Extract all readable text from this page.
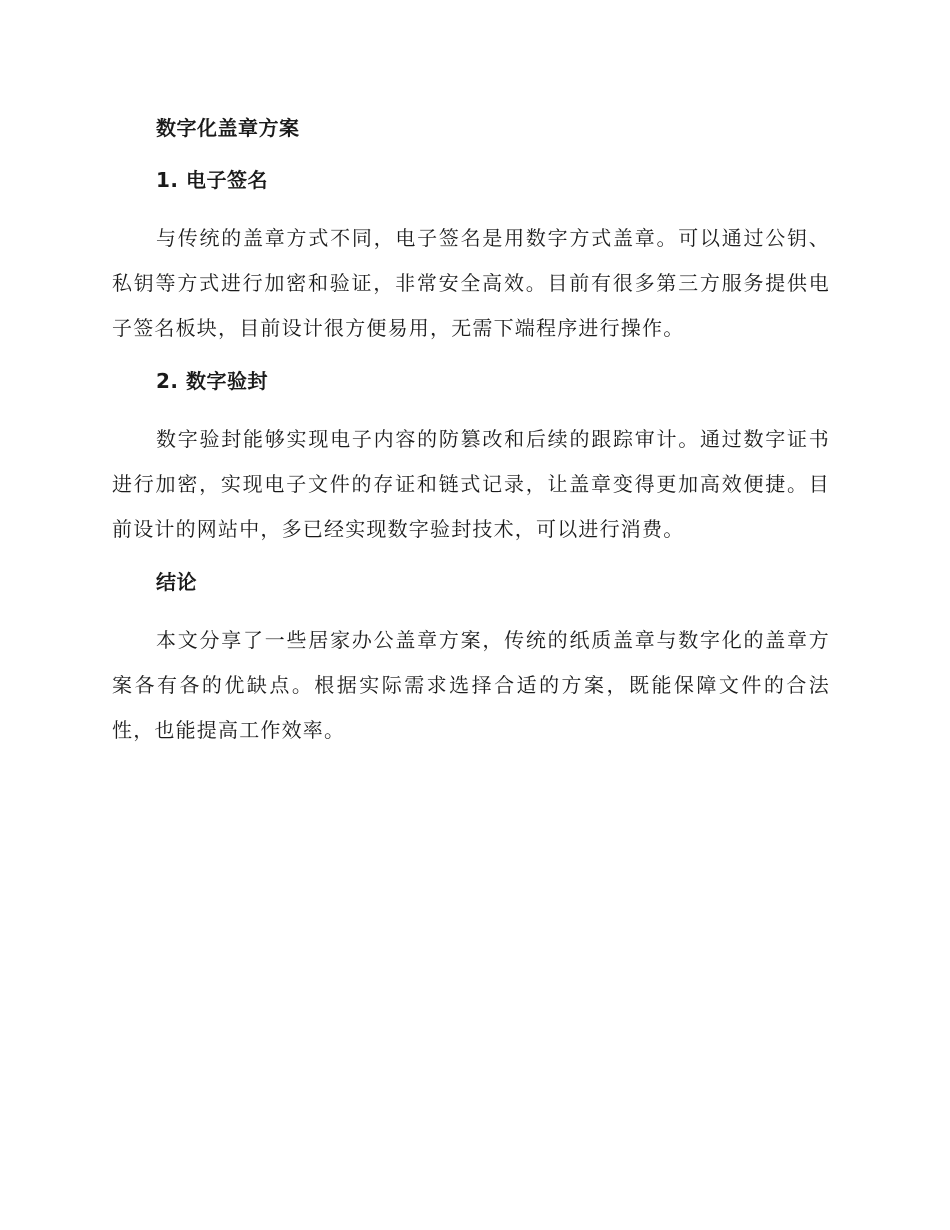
数字化盖章方案
1. 电子签名

与传统的盖章方式不同，电子签名是用数字方式盖章。可以通过公钥、私钥等方式进行加密和验证，非常安全高效。目前有很多第三方服务提供电子签名板块，目前设计很方便易用，无需下端程序进行操作。

2. 数字验封

数字验封能够实现电子内容的防篡改和后续的跟踪审计。通过数字证书进行加密，实现电子文件的存证和链式记录，让盖章变得更加高效便捷。目前设计的网站中，多已经实现数字验封技术，可以进行消费。

结论

本文分享了一些居家办公盖章方案，传统的纸质盖章与数字化的盖章方案各有各的优缺点。根据实际需求选择合适的方案，既能保障文件的合法性，也能提高工作效率。
